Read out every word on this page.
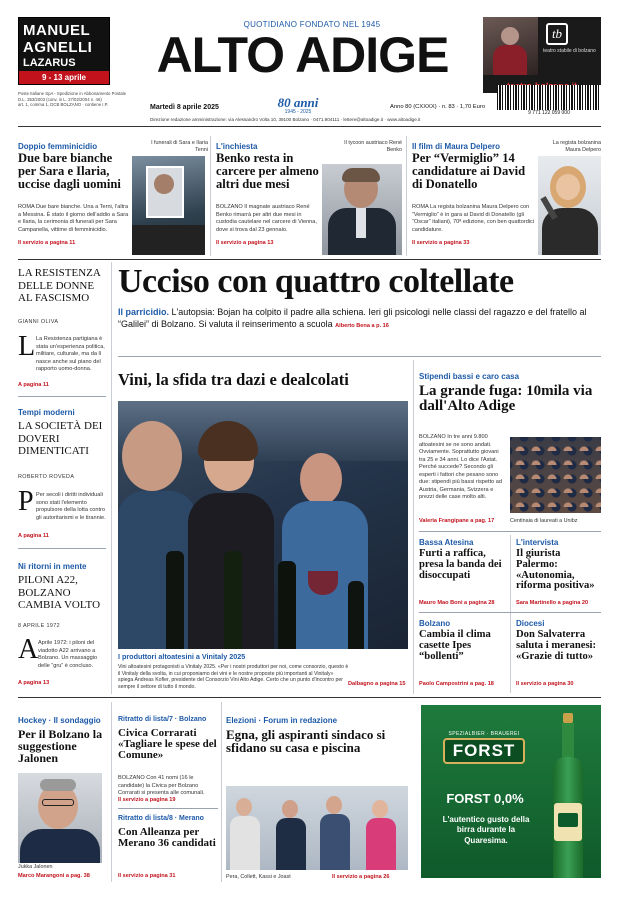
MANUEL
AGNELLI
LAZARUS
9 - 13 aprile
QUOTIDIANO FONDATO NEL 1945
ALTO ADIGE	tb
teatro stabile di bolzano
Poste Italiane SpA - Spedizione in Abbonamento Postale
D.L. 353/2003 (conv. in L. 27/02/2004 n. 46)
art. 1, comma 1, DCB BOLZANO · contiene I.P.	Martedì 8 aprile 2025	80 anni
1945 - 2025
Anno 80 (CXXXX) · n. 83 · 1,70 Euro
9 771 122 059 000
Direzione redazione amministrazione: via Alessandro Volta 10, 39100 Bolzano · 0471.904111 · lettere@altoadige.it · www.altoadige.it
Doppio femminicidio
Due bare bianche per Sara e Ilaria, uccise dagli uomini
ROMA Due bare bianche. Una a Terni, l'altra a Messina. È stato il giorno dell'addio a Sara e Ilaria, la cerimonia di funerali per Sara Campanella, vittime di femminicidio.
Il servizio a pagina 11
I funerali di Sara e Ilaria Tenni L'inchiesta
Benko resta in carcere per almeno altri due mesi
BOLZANO Il magnate austriaco René Benko rimarrà per altri due mesi in custodia cautelare nel carcere di Vienna, dove si trova dal 23 gennaio.
Il servizio a pagina 13
Il tycoon austriaco René Benko Il film di Maura Delpero
Per “Vermiglio” 14 candidature ai David di Donatello
ROMA La regista bolzanina Maura Delpero con “Vermiglio” è in gara ai David di Donatello (gli “Oscar” italiani), 70ª edizione, con ben quattordici candidature.
Il servizio a pagina 33
La regista bolzanina Maura Delpero
LA RESISTENZA DELLE DONNE AL FASCISMO
GIANNI OLIVA
L La Resistenza partigiana è stata un'esperienza politica, militare, culturale, ma da lì nasce anche sul piano del rapporto uomo-donna.
A pagina 11
Tempi moderni
LA SOCIETÀ DEI DOVERI DIMENTICATI
ROBERTO ROVEDA
P Per secoli i diritti individuali sono stati l'elemento propulsore della lotta contro gli autoritarismi e le tirannie.
A pagina 11
Ni ritorni in mente
PILONI A22, BOLZANO CAMBIA VOLTO
8 APRILE 1972
A Aprile 1972: i piloni del viadotto A22 arrivano a Bolzano. Un massaggio delle “gru” è concluso.
A pagina 13
Ucciso con quattro coltellate
Il parricidio. L'autopsia: Bojan ha colpito il padre alla schiena. Ieri gli psicologi nelle classi del ragazzo e del fratello al “Galilei” di Bolzano. Si valuta il reinserimento a scuola Alberto Bena a p. 16
Vini, la sfida tra dazi e dealcolati
I produttori altoatesini a Vinitaly 2025
Vini altoatesini protagonisti a Vinitaly 2025. «Per i nostri produttori per noi, come consorzio, questo è il Vinitaly della svolta, in cui proponiamo dei vini e le nostre proposte più importanti al Vinitaly» spiega Andreas Kofler, presidente del Consorzio Vini Alto Adige. Certo che un punto d'incontro per sempre il settore di tutto il mondo.	Dalbagno a pagina 15
Stipendi bassi e caro casa
La grande fuga: 10mila via dall'Alto Adige
BOLZANO In tre anni 9.800 altoatesini se ne sono andati. Ovviamente. Soprattutto giovani tra 25 e 34 anni. Lo dice l'Astat. Perché succede? Secondo gli esperti i fattori che pesano sono due: stipendi più bassi rispetto ad Austria, Germania, Svizzera e prezzi delle case molto alti.
Valeria Frangipane a pag. 17	Centinaia di laureati a Unibz
Bassa Atesina
Furti a raffica, presa la banda dei disoccupati
Mauro Mao Boni a pagina 28
L'intervista
Il giurista Palermo: «Autonomia, riforma positiva»
Sara Martinello a pagina 20
Bolzano
Cambia il clima casette Ipes “bollenti”
Paolo Campostrini a pag. 18
Diocesi
Don Salvaterra saluta i meranesi: «Grazie di tutto»
Il servizio a pagina 30
Hockey · Il sondaggio
Per il Bolzano la suggestione Jalonen
Jukka Jalonen
Marco Marangoni a pag. 38
Ritratto di lista/7 · Bolzano
Civica Corrarati «Tagliare le spese del Comune»
BOLZANO Con 41 nomi (16 le candidate) la Civica per Bolzano Corrarati si presenta alle comunali.
Il servizio a pagina 19
Ritratto di lista/8 · Merano
Con Alleanza per Merano 36 candidati
Il servizio a pagina 31
Elezioni · Forum in redazione
Egna, gli aspiranti sindaco si sfidano su casa e piscina
Pera, Collett, Kassi e Joast	Il servizio a pagina 26
SPEZIALBIER · BRAUEREI
FORST
FORST 0,0%
L'autentico gusto della birra durante la Quaresima.
